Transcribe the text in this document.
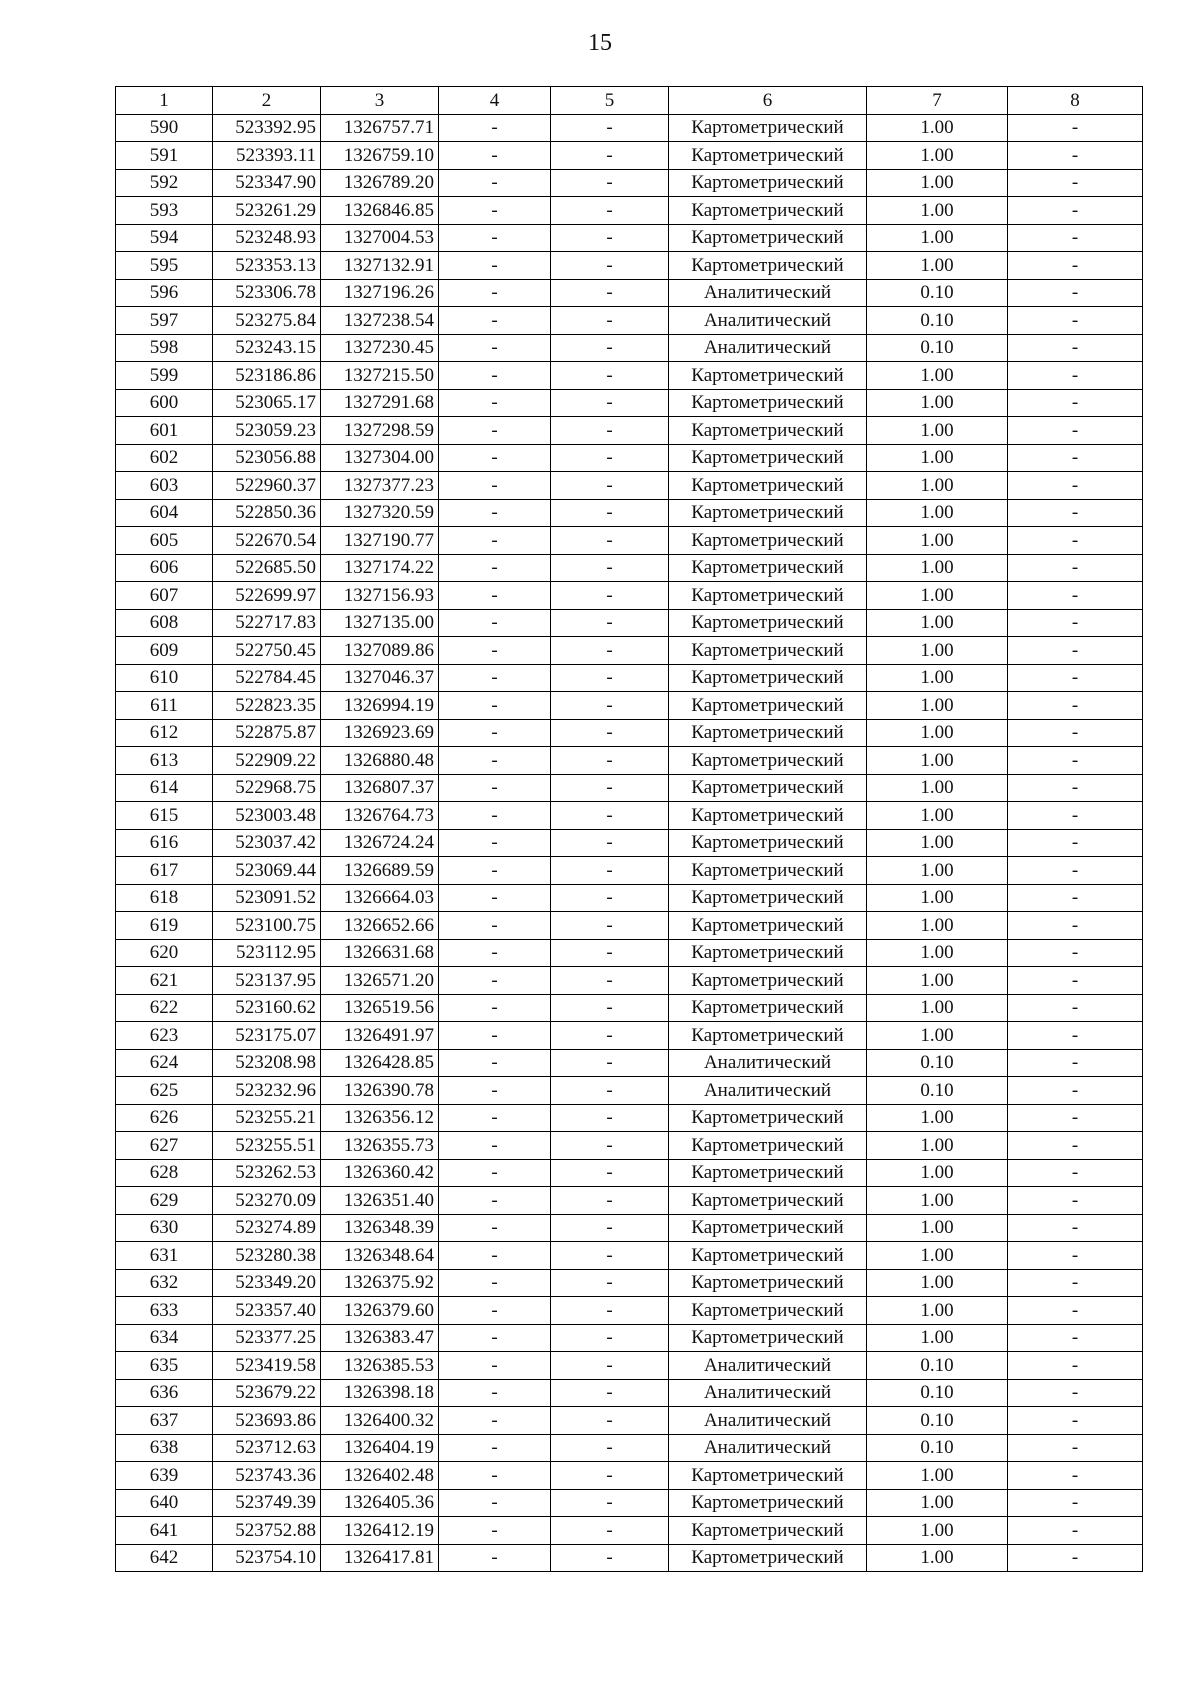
15
1	2	3	4	5	6	7	8
590	523392.95	1326757.71	-	-	Картометрический	1.00	-
591	523393.11	1326759.10	-	-	Картометрический	1.00	-
592	523347.90	1326789.20	-	-	Картометрический	1.00	-
593	523261.29	1326846.85	-	-	Картометрический	1.00	-
594	523248.93	1327004.53	-	-	Картометрический	1.00	-
595	523353.13	1327132.91	-	-	Картометрический	1.00	-
596	523306.78	1327196.26	-	-	Аналитический	0.10	-
597	523275.84	1327238.54	-	-	Аналитический	0.10	-
598	523243.15	1327230.45	-	-	Аналитический	0.10	-
599	523186.86	1327215.50	-	-	Картометрический	1.00	-
600	523065.17	1327291.68	-	-	Картометрический	1.00	-
601	523059.23	1327298.59	-	-	Картометрический	1.00	-
602	523056.88	1327304.00	-	-	Картометрический	1.00	-
603	522960.37	1327377.23	-	-	Картометрический	1.00	-
604	522850.36	1327320.59	-	-	Картометрический	1.00	-
605	522670.54	1327190.77	-	-	Картометрический	1.00	-
606	522685.50	1327174.22	-	-	Картометрический	1.00	-
607	522699.97	1327156.93	-	-	Картометрический	1.00	-
608	522717.83	1327135.00	-	-	Картометрический	1.00	-
609	522750.45	1327089.86	-	-	Картометрический	1.00	-
610	522784.45	1327046.37	-	-	Картометрический	1.00	-
611	522823.35	1326994.19	-	-	Картометрический	1.00	-
612	522875.87	1326923.69	-	-	Картометрический	1.00	-
613	522909.22	1326880.48	-	-	Картометрический	1.00	-
614	522968.75	1326807.37	-	-	Картометрический	1.00	-
615	523003.48	1326764.73	-	-	Картометрический	1.00	-
616	523037.42	1326724.24	-	-	Картометрический	1.00	-
617	523069.44	1326689.59	-	-	Картометрический	1.00	-
618	523091.52	1326664.03	-	-	Картометрический	1.00	-
619	523100.75	1326652.66	-	-	Картометрический	1.00	-
620	523112.95	1326631.68	-	-	Картометрический	1.00	-
621	523137.95	1326571.20	-	-	Картометрический	1.00	-
622	523160.62	1326519.56	-	-	Картометрический	1.00	-
623	523175.07	1326491.97	-	-	Картометрический	1.00	-
624	523208.98	1326428.85	-	-	Аналитический	0.10	-
625	523232.96	1326390.78	-	-	Аналитический	0.10	-
626	523255.21	1326356.12	-	-	Картометрический	1.00	-
627	523255.51	1326355.73	-	-	Картометрический	1.00	-
628	523262.53	1326360.42	-	-	Картометрический	1.00	-
629	523270.09	1326351.40	-	-	Картометрический	1.00	-
630	523274.89	1326348.39	-	-	Картометрический	1.00	-
631	523280.38	1326348.64	-	-	Картометрический	1.00	-
632	523349.20	1326375.92	-	-	Картометрический	1.00	-
633	523357.40	1326379.60	-	-	Картометрический	1.00	-
634	523377.25	1326383.47	-	-	Картометрический	1.00	-
635	523419.58	1326385.53	-	-	Аналитический	0.10	-
636	523679.22	1326398.18	-	-	Аналитический	0.10	-
637	523693.86	1326400.32	-	-	Аналитический	0.10	-
638	523712.63	1326404.19	-	-	Аналитический	0.10	-
639	523743.36	1326402.48	-	-	Картометрический	1.00	-
640	523749.39	1326405.36	-	-	Картометрический	1.00	-
641	523752.88	1326412.19	-	-	Картометрический	1.00	-
642	523754.10	1326417.81	-	-	Картометрический	1.00	-
